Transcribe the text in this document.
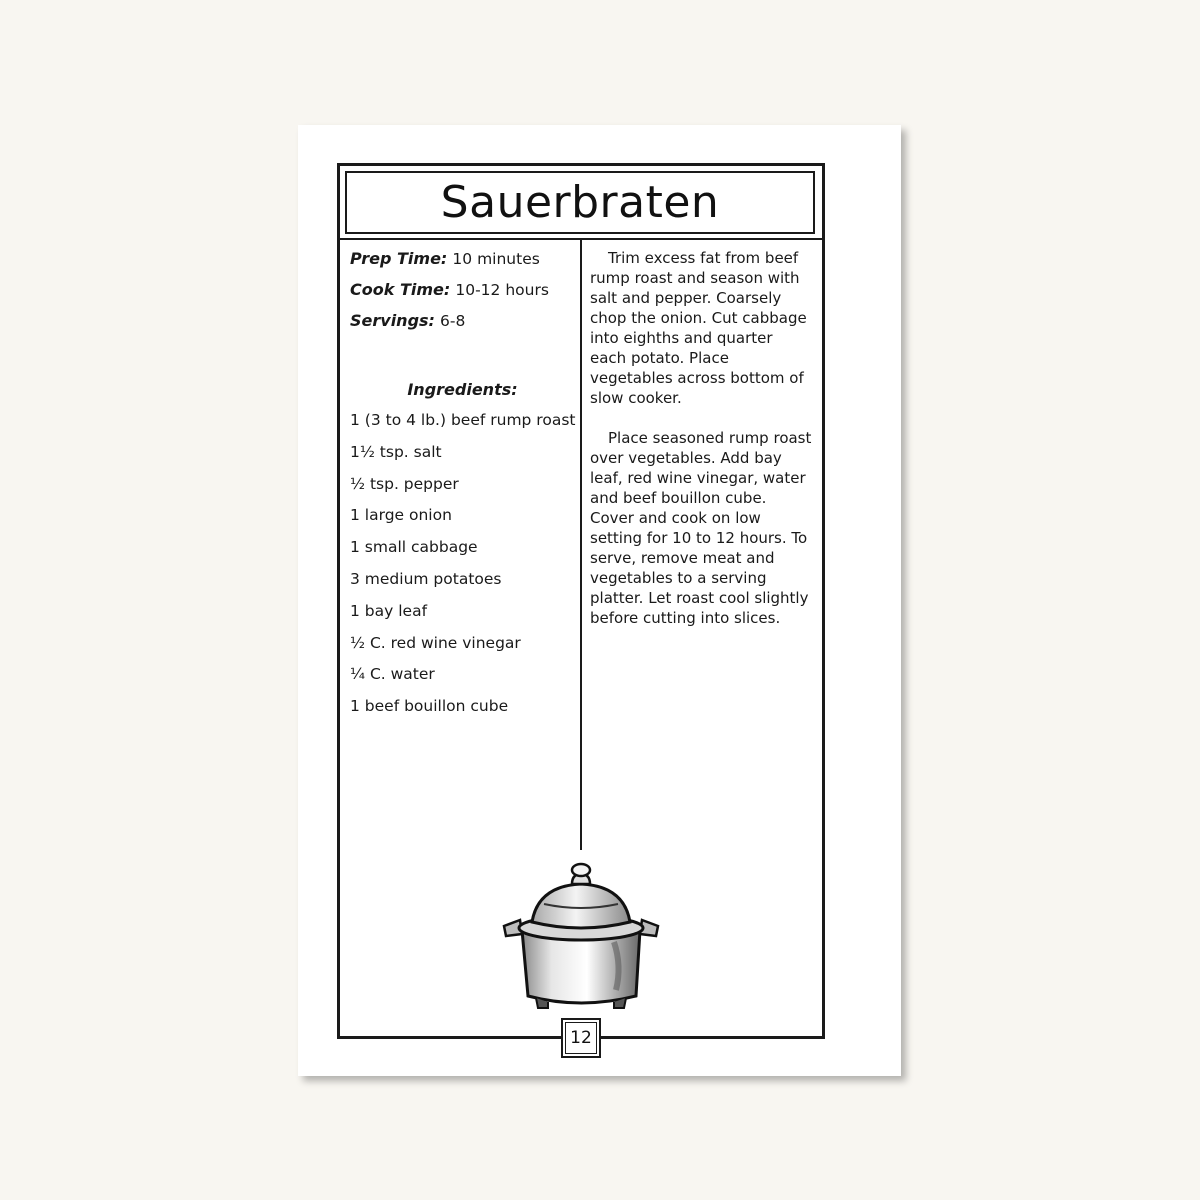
Sauerbraten
Prep Time: 10 minutes
Cook Time: 10-12 hours
Servings: 6-8
Ingredients:
1 (3 to 4 lb.) beef rump roast
1½ tsp. salt
½ tsp. pepper
1 large onion
1 small cabbage
3 medium potatoes
1 bay leaf
½ C. red wine vinegar
¼ C. water
1 beef bouillon cube

Trim excess fat from beef rump roast and season with salt and pepper. Coarsely chop the onion. Cut cabbage into eighths and quarter each potato. Place vegetables across bottom of slow cooker.

Place seasoned rump roast over vegetables. Add bay leaf, red wine vinegar, water and beef bouillon cube. Cover and cook on low setting for 10 to 12 hours. To serve, remove meat and vegetables to a serving platter. Let roast cool slightly before cutting into slices.

12
